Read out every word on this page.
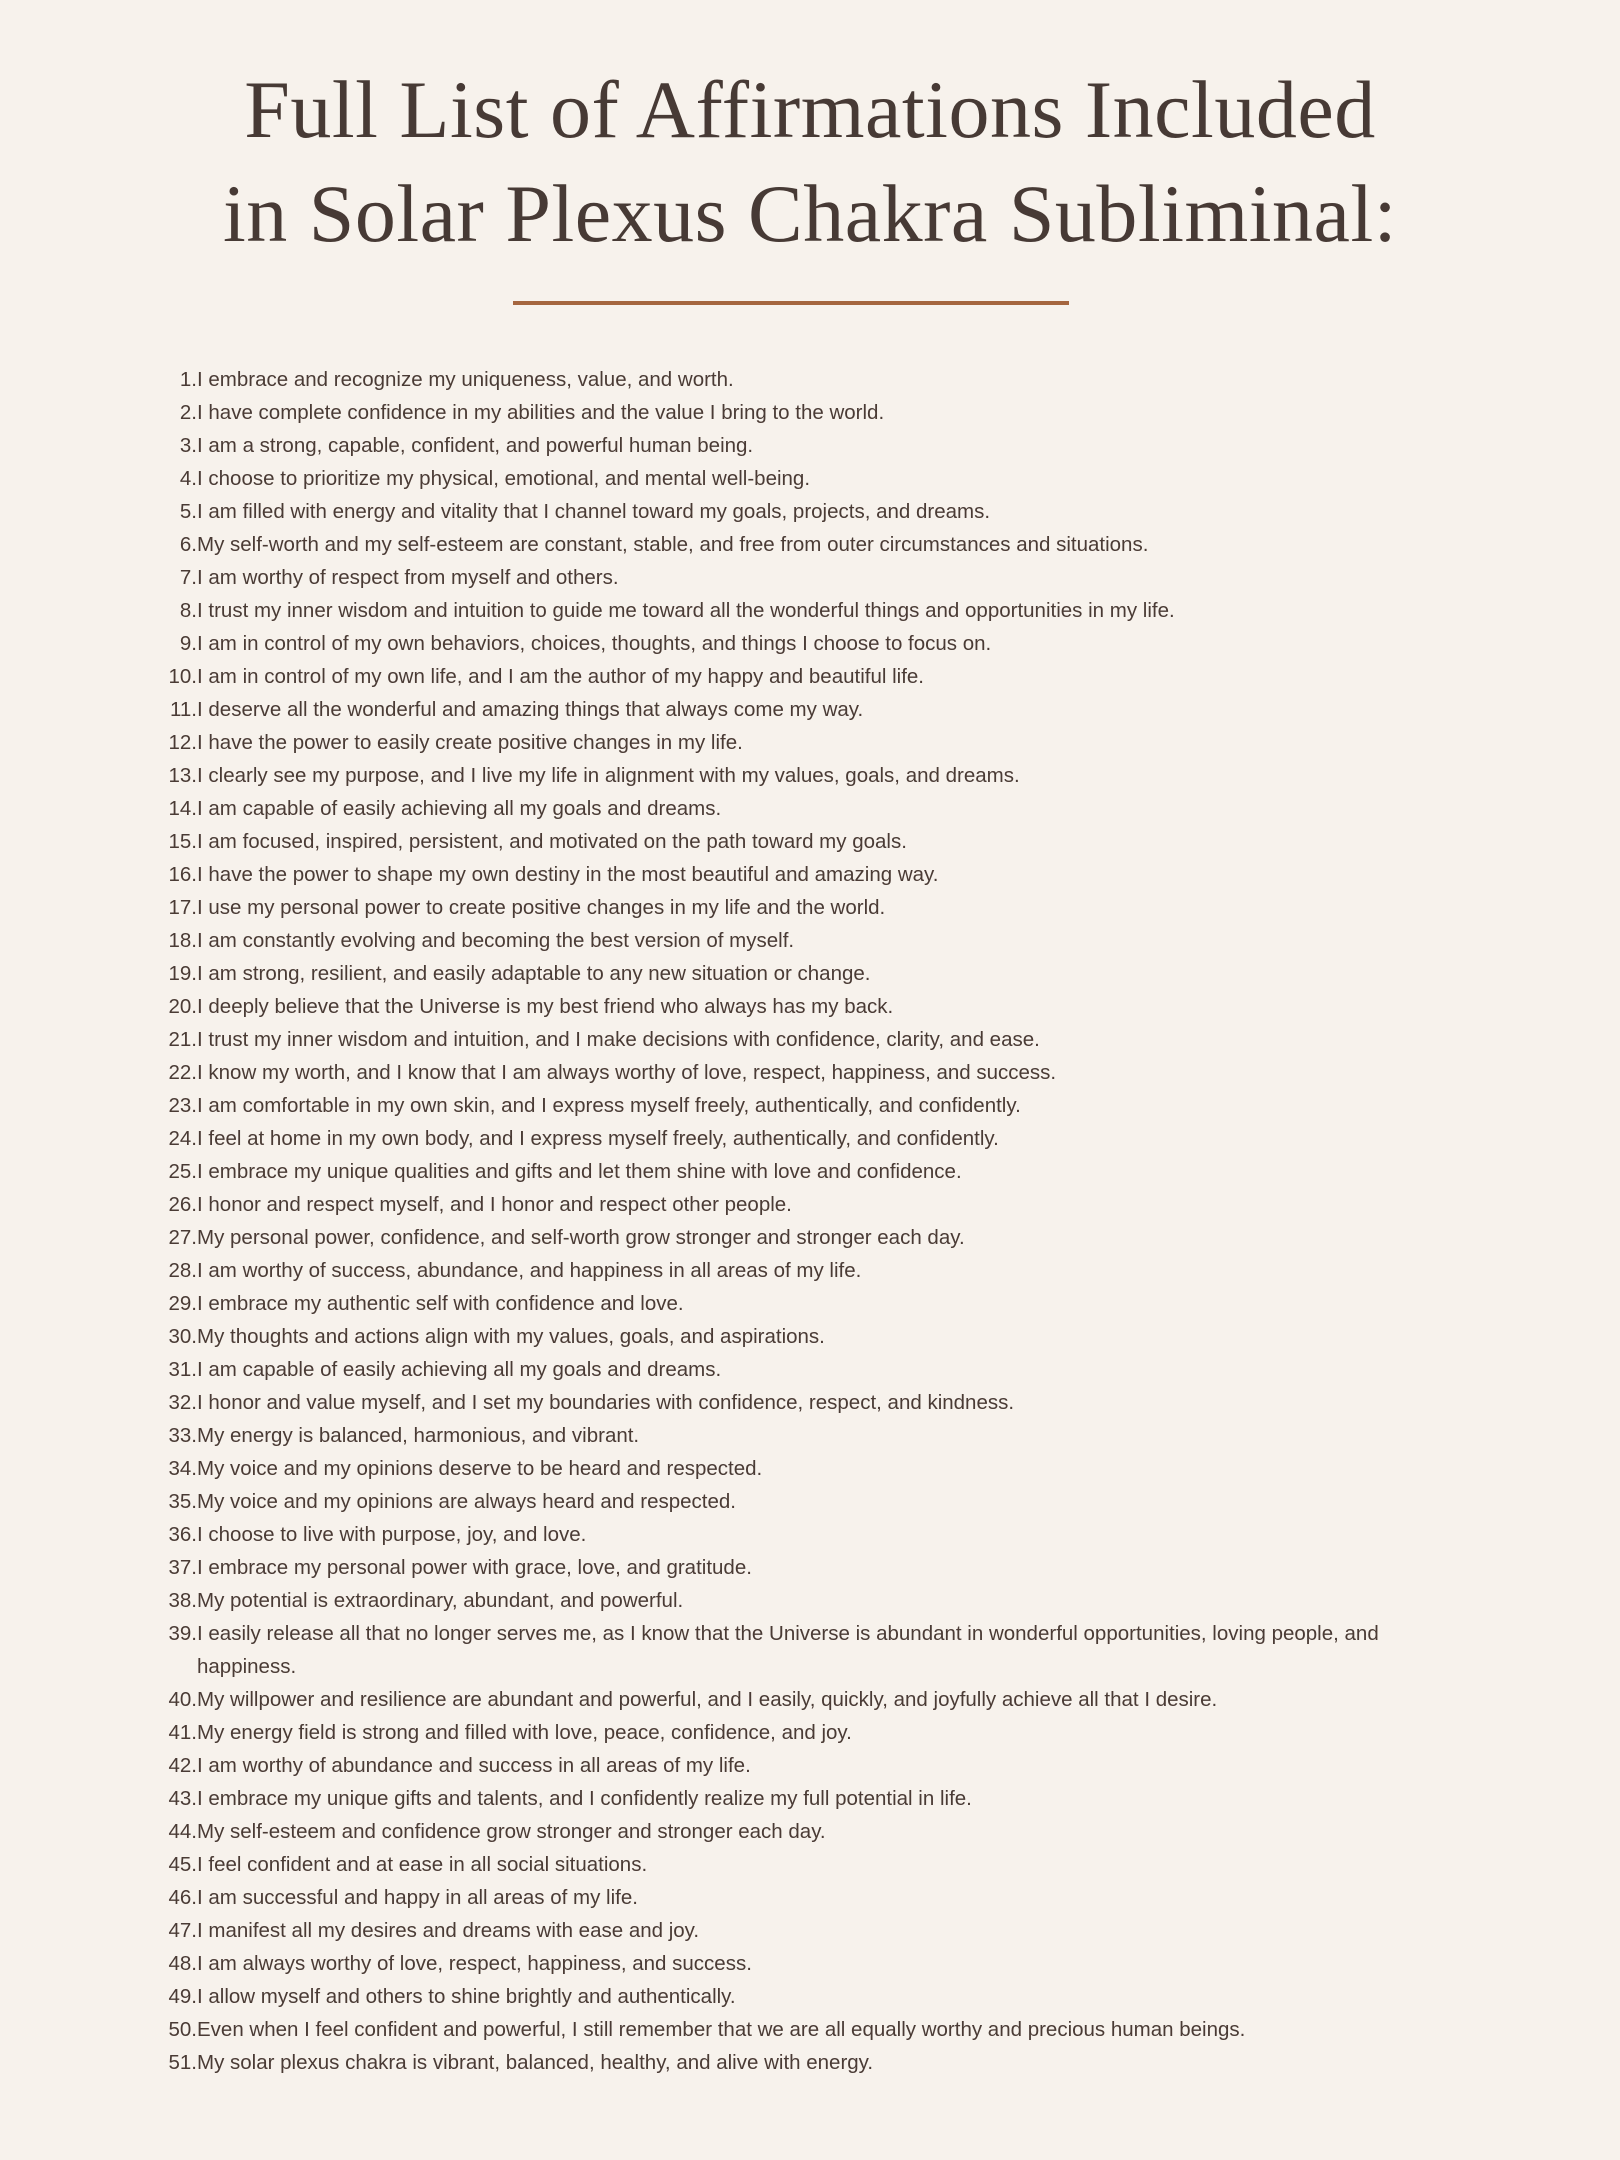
Full List of Affirmations Included
in Solar Plexus Chakra Subliminal:
1. I embrace and recognize my uniqueness, value, and worth.
2. I have complete confidence in my abilities and the value I bring to the world.
3. I am a strong, capable, confident, and powerful human being.
4. I choose to prioritize my physical, emotional, and mental well-being.
5. I am filled with energy and vitality that I channel toward my goals, projects, and dreams.
6. My self-worth and my self-esteem are constant, stable, and free from outer circumstances and situations.
7. I am worthy of respect from myself and others.
8. I trust my inner wisdom and intuition to guide me toward all the wonderful things and opportunities in my life.
9. I am in control of my own behaviors, choices, thoughts, and things I choose to focus on.
10. I am in control of my own life, and I am the author of my happy and beautiful life.
11. I deserve all the wonderful and amazing things that always come my way.
12. I have the power to easily create positive changes in my life.
13. I clearly see my purpose, and I live my life in alignment with my values, goals, and dreams.
14. I am capable of easily achieving all my goals and dreams.
15. I am focused, inspired, persistent, and motivated on the path toward my goals.
16. I have the power to shape my own destiny in the most beautiful and amazing way.
17. I use my personal power to create positive changes in my life and the world.
18. I am constantly evolving and becoming the best version of myself.
19. I am strong, resilient, and easily adaptable to any new situation or change.
20. I deeply believe that the Universe is my best friend who always has my back.
21. I trust my inner wisdom and intuition, and I make decisions with confidence, clarity, and ease.
22. I know my worth, and I know that I am always worthy of love, respect, happiness, and success.
23. I am comfortable in my own skin, and I express myself freely, authentically, and confidently.
24. I feel at home in my own body, and I express myself freely, authentically, and confidently.
25. I embrace my unique qualities and gifts and let them shine with love and confidence.
26. I honor and respect myself, and I honor and respect other people.
27. My personal power, confidence, and self-worth grow stronger and stronger each day.
28. I am worthy of success, abundance, and happiness in all areas of my life.
29. I embrace my authentic self with confidence and love.
30. My thoughts and actions align with my values, goals, and aspirations.
31. I am capable of easily achieving all my goals and dreams.
32. I honor and value myself, and I set my boundaries with confidence, respect, and kindness.
33. My energy is balanced, harmonious, and vibrant.
34. My voice and my opinions deserve to be heard and respected.
35. My voice and my opinions are always heard and respected.
36. I choose to live with purpose, joy, and love.
37. I embrace my personal power with grace, love, and gratitude.
38. My potential is extraordinary, abundant, and powerful.
39. I easily release all that no longer serves me, as I know that the Universe is abundant in wonderful opportunities, loving people, and happiness.
40. My willpower and resilience are abundant and powerful, and I easily, quickly, and joyfully achieve all that I desire.
41. My energy field is strong and filled with love, peace, confidence, and joy.
42. I am worthy of abundance and success in all areas of my life.
43. I embrace my unique gifts and talents, and I confidently realize my full potential in life.
44. My self-esteem and confidence grow stronger and stronger each day.
45. I feel confident and at ease in all social situations.
46. I am successful and happy in all areas of my life.
47. I manifest all my desires and dreams with ease and joy.
48. I am always worthy of love, respect, happiness, and success.
49. I allow myself and others to shine brightly and authentically.
50. Even when I feel confident and powerful, I still remember that we are all equally worthy and precious human beings.
51. My solar plexus chakra is vibrant, balanced, healthy, and alive with energy.
